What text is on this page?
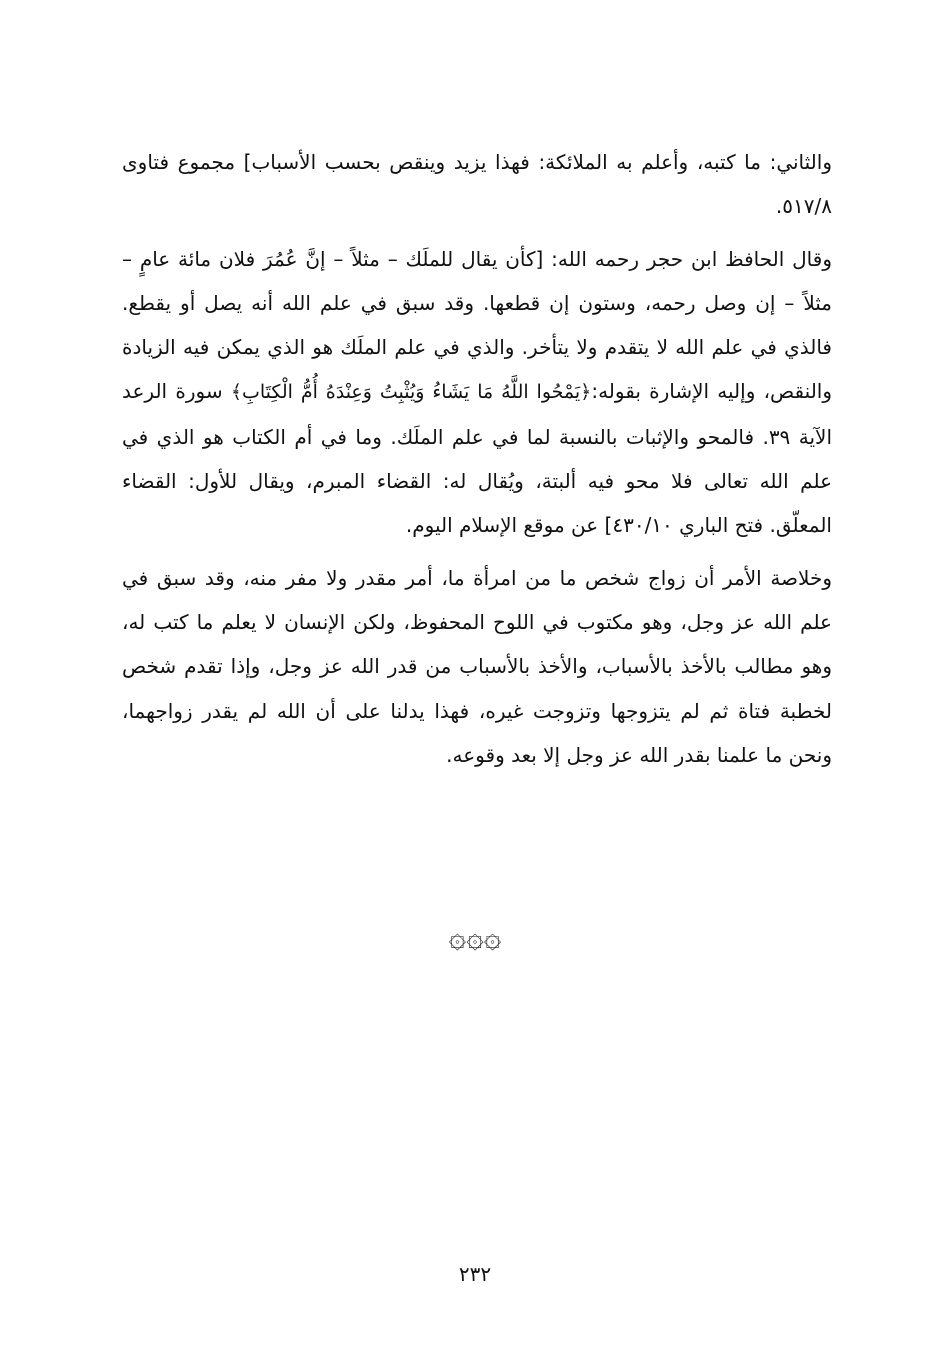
والثاني: ما كتبه، وأعلم به الملائكة: فهذا يزيد وينقص بحسب الأسباب] مجموع فتاوى ٥١٧/٨.

وقال الحافظ ابن حجر رحمه الله: [كأن يقال للملَك – مثلاً – إنَّ عُمُرَ فلان مائة عامٍ – مثلاً – إن وصل رحمه، وستون إن قطعها. وقد سبق في علم الله أنه يصل أو يقطع. فالذي في علم الله لا يتقدم ولا يتأخر. والذي في علم الملَك هو الذي يمكن فيه الزيادة والنقص، وإليه الإشارة بقوله:﴿يَمْحُوا اللَّهُ مَا يَشَاءُ وَيُثْبِتُ وَعِنْدَهُ أُمُّ الْكِتَابِ﴾ سورة الرعد الآية ٣٩. فالمحو والإثبات بالنسبة لما في علم الملَك. وما في أم الكتاب هو الذي في علم الله تعالى فلا محو فيه ألبتة، ويُقال له: القضاء المبرم، ويقال للأول: القضاء المعلّق. فتح الباري ٤٣٠/١٠] عن موقع الإسلام اليوم.

وخلاصة الأمر أن زواج شخص ما من امرأة ما، أمر مقدر ولا مفر منه، وقد سبق في علم الله عز وجل، وهو مكتوب في اللوح المحفوظ، ولكن الإنسان لا يعلم ما كتب له، وهو مطالب بالأخذ بالأسباب، والأخذ بالأسباب من قدر الله عز وجل، وإذا تقدم شخص لخطبة فتاة ثم لم يتزوجها وتزوجت غيره، فهذا يدلنا على أن الله لم يقدر زواجهما، ونحن ما علمنا بقدر الله عز وجل إلا بعد وقوعه.

۞۞۞
٢٣٢
